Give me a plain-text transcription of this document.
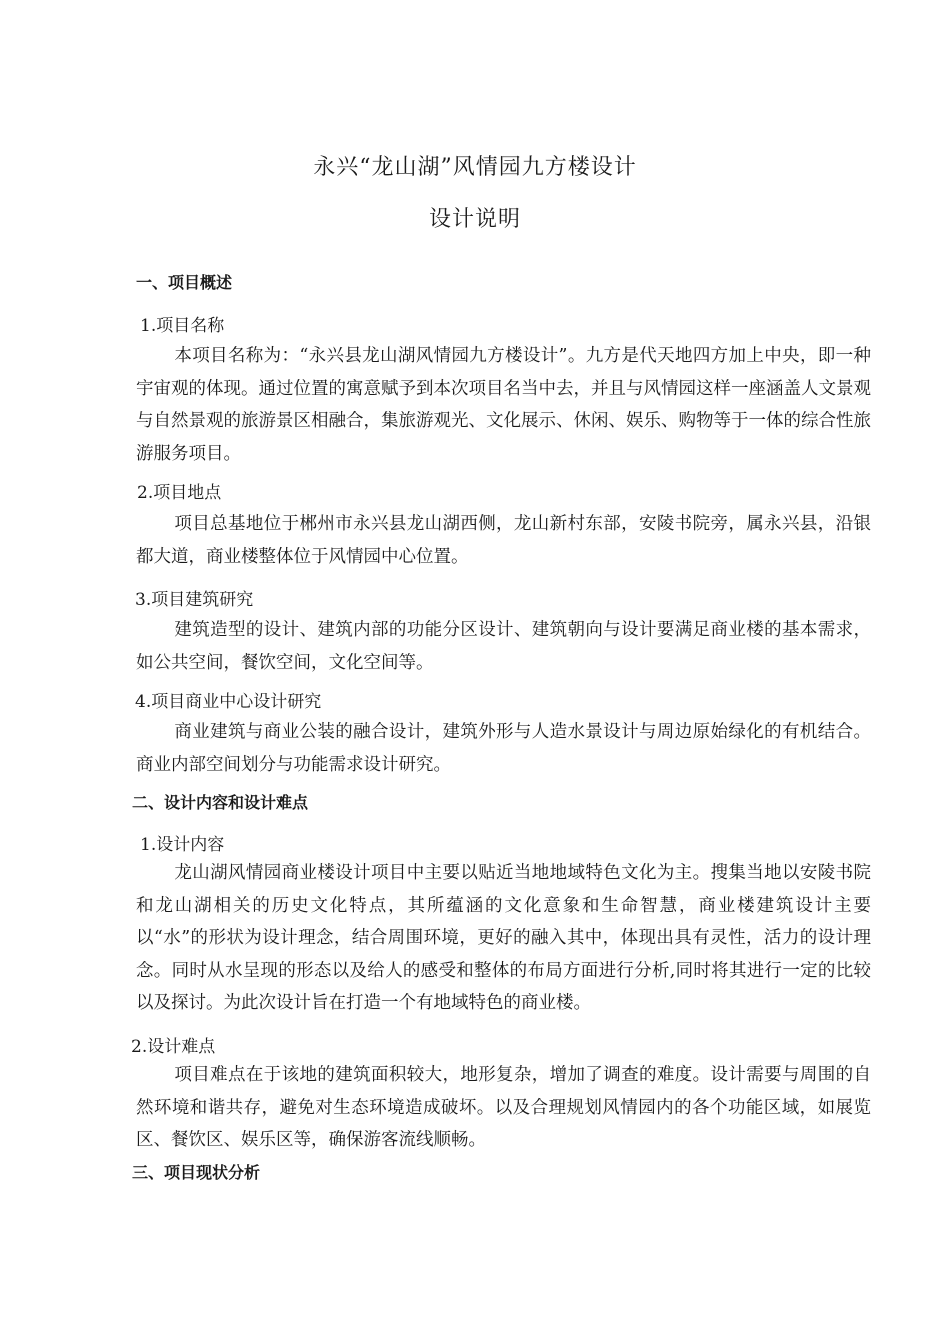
永兴“龙山湖”风情园九方楼设计
设计说明
一、项目概述
1.项目名称
本项目名称为：“永兴县龙山湖风情园九方楼设计”。九方是代天地四方加上中央，即一种宇宙观的体现。通过位置的寓意赋予到本次项目名当中去，并且与风情园这样一座涵盖人文景观与自然景观的旅游景区相融合，集旅游观光、文化展示、休闲、娱乐、购物等于一体的综合性旅游服务项目。
2.项目地点
项目总基地位于郴州市永兴县龙山湖西侧，龙山新村东部，安陵书院旁，属永兴县，沿银都大道，商业楼整体位于风情园中心位置。
3.项目建筑研究
建筑造型的设计、建筑内部的功能分区设计、建筑朝向与设计要满足商业楼的基本需求，如公共空间，餐饮空间，文化空间等。
4.项目商业中心设计研究
商业建筑与商业公装的融合设计，建筑外形与人造水景设计与周边原始绿化的有机结合。商业内部空间划分与功能需求设计研究。
二、设计内容和设计难点
1.设计内容
龙山湖风情园商业楼设计项目中主要以贴近当地地域特色文化为主。搜集当地以安陵书院和龙山湖相关的历史文化特点，其所蕴涵的文化意象和生命智慧，商业楼建筑设计主要以“水”的形状为设计理念，结合周围环境，更好的融入其中，体现出具有灵性，活力的设计理念。同时从水呈现的形态以及给人的感受和整体的布局方面进行分析,同时将其进行一定的比较以及探讨。为此次设计旨在打造一个有地域特色的商业楼。
2.设计难点
项目难点在于该地的建筑面积较大，地形复杂，增加了调查的难度。设计需要与周围的自然环境和谐共存，避免对生态环境造成破坏。以及合理规划风情园内的各个功能区域，如展览区、餐饮区、娱乐区等，确保游客流线顺畅。
三、项目现状分析
